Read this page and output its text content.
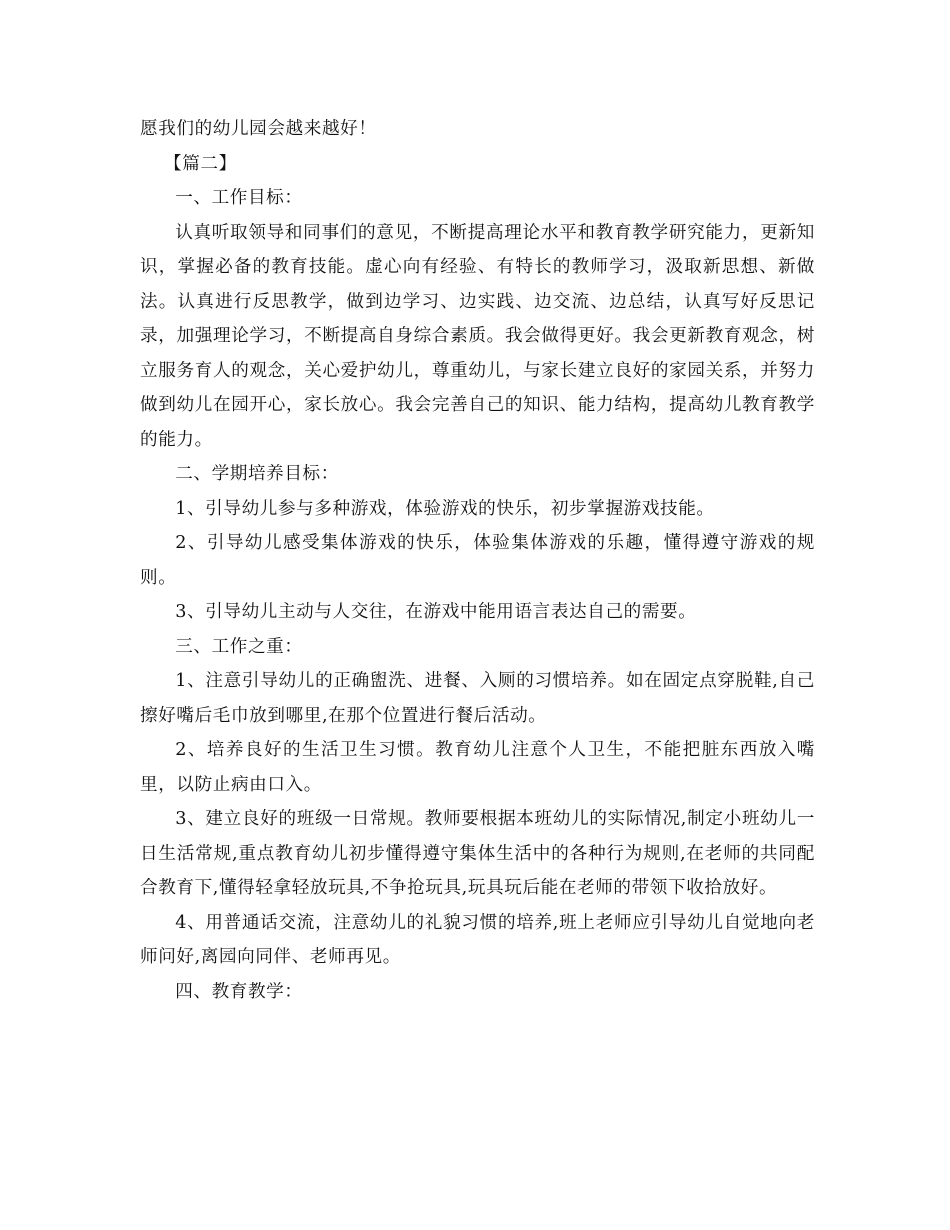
愿我们的幼儿园会越来越好！

【篇二】

一、工作目标：

认真听取领导和同事们的意见，不断提高理论水平和教育教学研究能力，更新知识，掌握必备的教育技能。虚心向有经验、有特长的教师学习，汲取新思想、新做法。认真进行反思教学，做到边学习、边实践、边交流、边总结，认真写好反思记录，加强理论学习，不断提高自身综合素质。我会做得更好。我会更新教育观念，树立服务育人的观念，关心爱护幼儿，尊重幼儿，与家长建立良好的家园关系，并努力做到幼儿在园开心，家长放心。我会完善自己的知识、能力结构，提高幼儿教育教学的能力。

二、学期培养目标：

1、引导幼儿参与多种游戏，体验游戏的快乐，初步掌握游戏技能。

2、引导幼儿感受集体游戏的快乐，体验集体游戏的乐趣，懂得遵守游戏的规则。

3、引导幼儿主动与人交往，在游戏中能用语言表达自己的需要。

三、工作之重：

1、注意引导幼儿的正确盥洗、进餐、入厕的习惯培养。如在固定点穿脱鞋,自己擦好嘴后毛巾放到哪里,在那个位置进行餐后活动。

2、培养良好的生活卫生习惯。教育幼儿注意个人卫生，不能把脏东西放入嘴里，以防止病由口入。

3、建立良好的班级一日常规。教师要根据本班幼儿的实际情况,制定小班幼儿一日生活常规,重点教育幼儿初步懂得遵守集体生活中的各种行为规则,在老师的共同配合教育下,懂得轻拿轻放玩具,不争抢玩具,玩具玩后能在老师的带领下收拾放好。

4、用普通话交流，注意幼儿的礼貌习惯的培养,班上老师应引导幼儿自觉地向老师问好,离园向同伴、老师再见。

四、教育教学：
